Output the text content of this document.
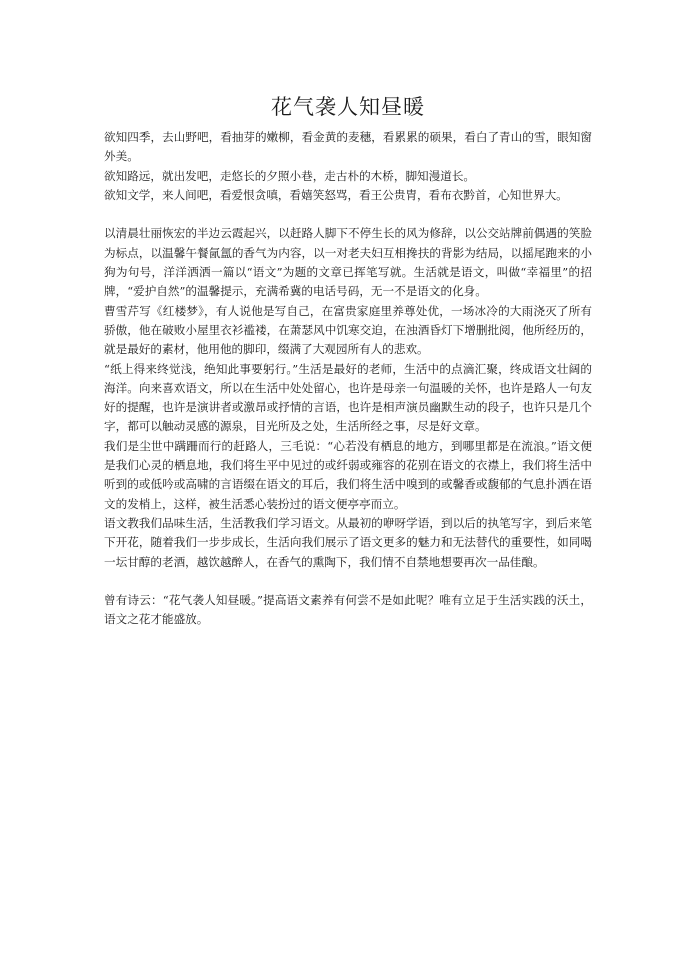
花气袭人知昼暖

欲知四季，去山野吧，看抽芽的嫩柳，看金黄的麦穗，看累累的硕果，看白了青山的雪，眼知窗外美。

欲知路远，就出发吧，走悠长的夕照小巷，走古朴的木桥，脚知漫道长。

欲知文学，来人间吧，看爱恨贪嗔，看嬉笑怒骂，看王公贵胄，看布衣黔首，心知世界大。

以清晨壮丽恢宏的半边云霞起兴，以赶路人脚下不停生长的风为修辞，以公交站牌前偶遇的笑脸为标点，以温馨午餐氤氲的香气为内容，以一对老夫妇互相搀扶的背影为结局，以摇尾跑来的小狗为句号，洋洋洒洒一篇以“语文”为题的文章已挥笔写就。生活就是语文，叫做“幸福里”的招牌，“爱护自然”的温馨提示，充满希冀的电话号码，无一不是语文的化身。

曹雪芹写《红楼梦》，有人说他是写自己，在富贵家庭里养尊处优，一场冰冷的大雨浇灭了所有骄傲，他在破败小屋里衣衫褴褛，在萧瑟风中饥寒交迫，在浊酒昏灯下增删批阅，他所经历的，就是最好的素材，他用他的脚印，缀满了大观园所有人的悲欢。

“纸上得来终觉浅，绝知此事要躬行。”生活是最好的老师，生活中的点滴汇聚，终成语文壮阔的海洋。向来喜欢语文，所以在生活中处处留心，也许是母亲一句温暖的关怀，也许是路人一句友好的提醒，也许是演讲者或激昂或抒情的言语，也许是相声演员幽默生动的段子，也许只是几个字，都可以触动灵感的源泉，目光所及之处，生活所经之事，尽是好文章。

我们是尘世中蹒跚而行的赶路人，三毛说：“心若没有栖息的地方，到哪里都是在流浪。”语文便是我们心灵的栖息地，我们将生平中见过的或纤弱或雍容的花别在语文的衣襟上，我们将生活中听到的或低吟或高啸的言语缀在语文的耳后，我们将生活中嗅到的或馨香或馥郁的气息扑洒在语文的发梢上，这样，被生活悉心装扮过的语文便亭亭而立。

语文教我们品味生活，生活教我们学习语文。从最初的咿呀学语，到以后的执笔写字，到后来笔下开花，随着我们一步步成长，生活向我们展示了语文更多的魅力和无法替代的重要性，如同喝一坛甘醇的老酒，越饮越醉人，在香气的熏陶下，我们情不自禁地想要再次一品佳酿。

曾有诗云：“花气袭人知昼暖。”提高语文素养有何尝不是如此呢？唯有立足于生活实践的沃土，语文之花才能盛放。
